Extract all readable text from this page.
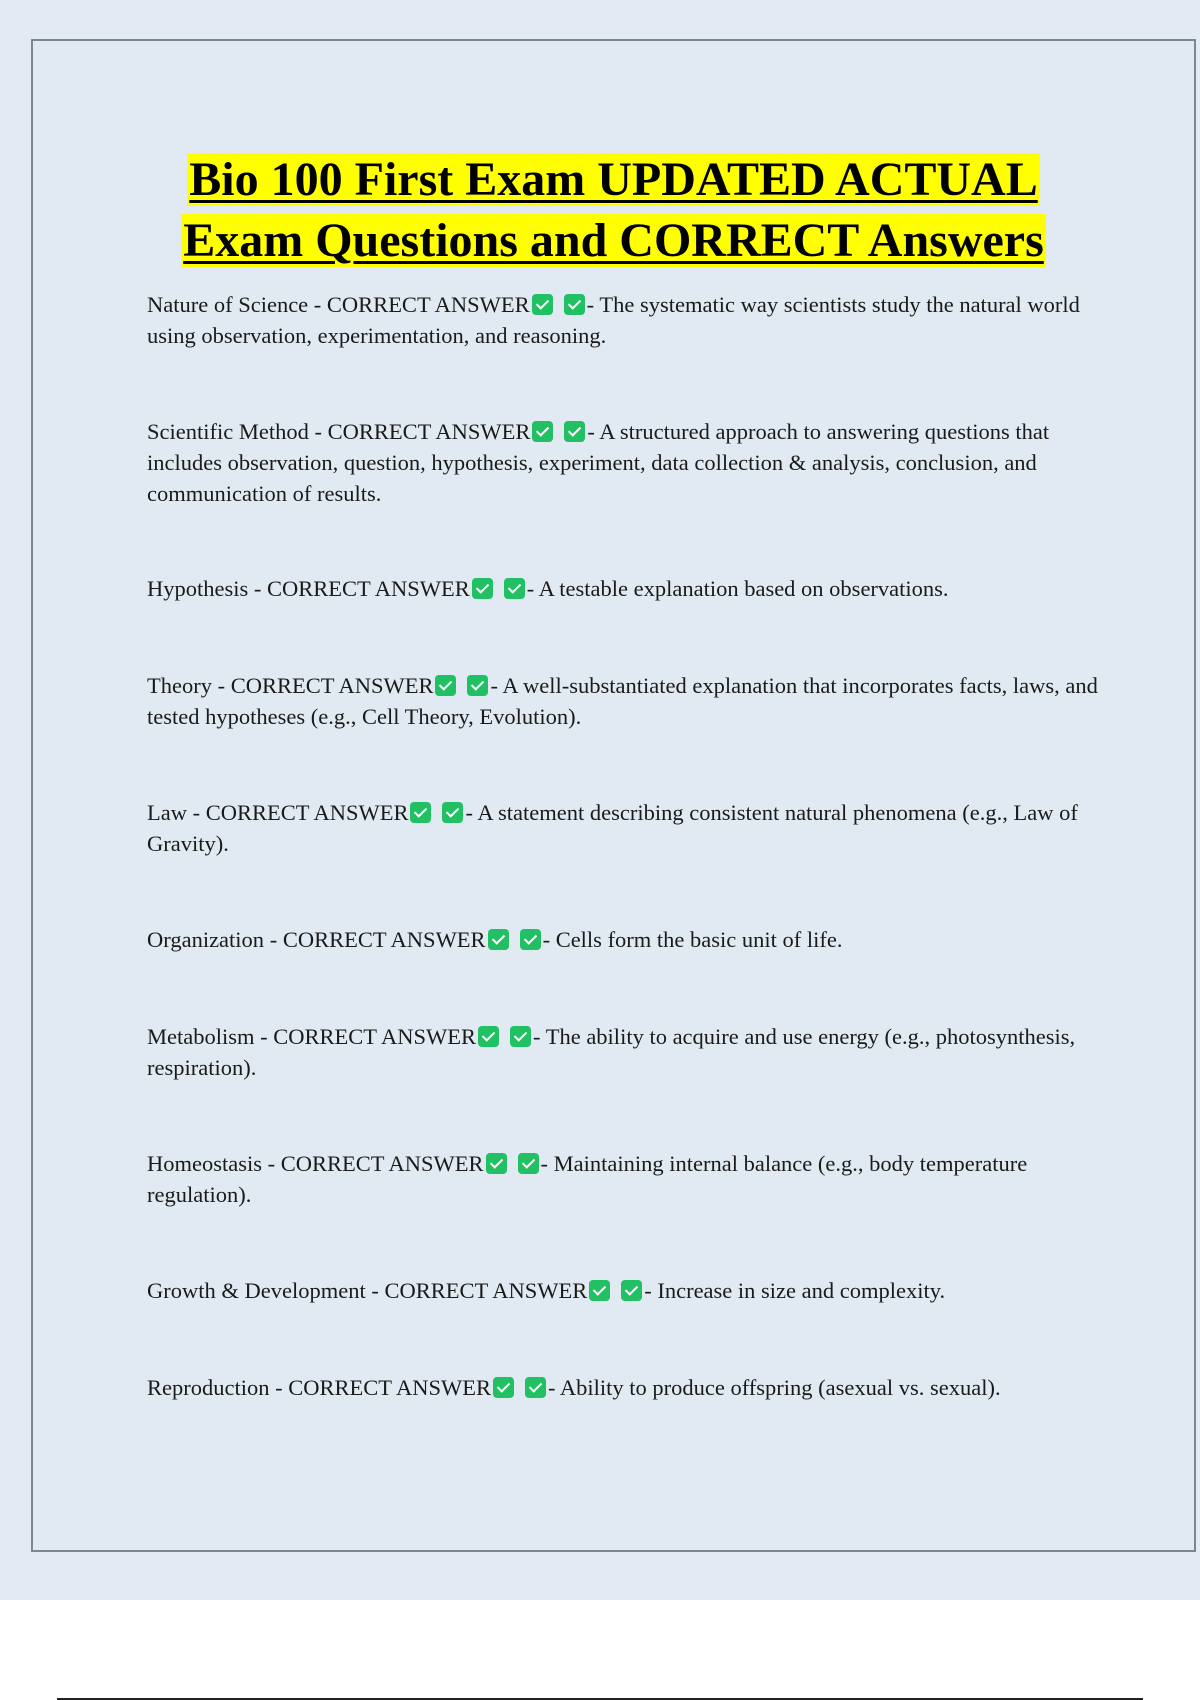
Bio 100 First Exam UPDATED ACTUAL
Exam Questions and CORRECT Answers
Nature of Science - CORRECT ANSWER	- The systematic way scientists study the natural world using observation, experimentation, and reasoning.
Scientific Method - CORRECT ANSWER	- A structured approach to answering questions that includes observation, question, hypothesis, experiment, data collection & analysis, conclusion, and communication of results.
Hypothesis - CORRECT ANSWER	- A testable explanation based on observations.
Theory - CORRECT ANSWER	- A well-substantiated explanation that incorporates facts, laws, and tested hypotheses (e.g., Cell Theory, Evolution).
Law - CORRECT ANSWER	- A statement describing consistent natural phenomena (e.g., Law of Gravity).
Organization - CORRECT ANSWER	- Cells form the basic unit of life.
Metabolism - CORRECT ANSWER	- The ability to acquire and use energy (e.g., photosynthesis, respiration).
Homeostasis - CORRECT ANSWER	- Maintaining internal balance (e.g., body temperature regulation).
Growth & Development - CORRECT ANSWER	- Increase in size and complexity.
Reproduction - CORRECT ANSWER	- Ability to produce offspring (asexual vs. sexual).
